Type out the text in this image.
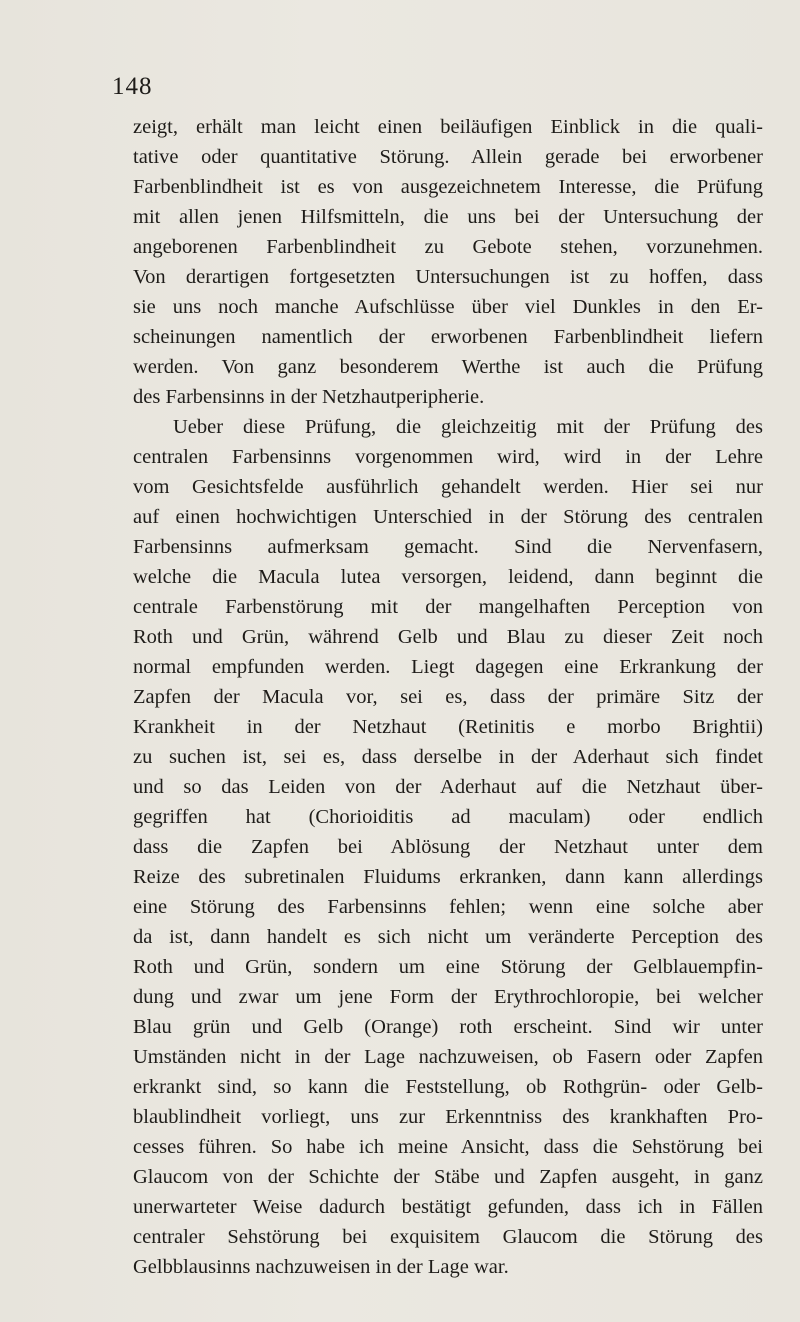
148
zeigt, erhält man leicht einen beiläufigen Einblick in die quali-
tative oder quantitative Störung. Allein gerade bei erworbener
Farbenblindheit ist es von ausgezeichnetem Interesse, die Prüfung
mit allen jenen Hilfsmitteln, die uns bei der Untersuchung der
angeborenen Farbenblindheit zu Gebote stehen, vorzunehmen.
Von derartigen fortgesetzten Untersuchungen ist zu hoffen, dass
sie uns noch manche Aufschlüsse über viel Dunkles in den Er-
scheinungen namentlich der erworbenen Farbenblindheit liefern
werden. Von ganz besonderem Werthe ist auch die Prüfung
des Farbensinns in der Netzhautperipherie.
Ueber diese Prüfung, die gleichzeitig mit der Prüfung des
centralen Farbensinns vorgenommen wird, wird in der Lehre
vom Gesichtsfelde ausführlich gehandelt werden. Hier sei nur
auf einen hochwichtigen Unterschied in der Störung des centralen
Farbensinns aufmerksam gemacht. Sind die Nervenfasern,
welche die Macula lutea versorgen, leidend, dann beginnt die
centrale Farbenstörung mit der mangelhaften Perception von
Roth und Grün, während Gelb und Blau zu dieser Zeit noch
normal empfunden werden. Liegt dagegen eine Erkrankung der
Zapfen der Macula vor, sei es, dass der primäre Sitz der
Krankheit in der Netzhaut (Retinitis e morbo Brightii)
zu suchen ist, sei es, dass derselbe in der Aderhaut sich findet
und so das Leiden von der Aderhaut auf die Netzhaut über-
gegriffen hat (Chorioiditis ad maculam) oder endlich
dass die Zapfen bei Ablösung der Netzhaut unter dem
Reize des subretinalen Fluidums erkranken, dann kann allerdings
eine Störung des Farbensinns fehlen; wenn eine solche aber
da ist, dann handelt es sich nicht um veränderte Perception des
Roth und Grün, sondern um eine Störung der Gelblauempfin-
dung und zwar um jene Form der Erythrochloropie, bei welcher
Blau grün und Gelb (Orange) roth erscheint. Sind wir unter
Umständen nicht in der Lage nachzuweisen, ob Fasern oder Zapfen
erkrankt sind, so kann die Feststellung, ob Rothgrün- oder Gelb-
blaublindheit vorliegt, uns zur Erkenntniss des krankhaften Pro-
cesses führen. So habe ich meine Ansicht, dass die Sehstörung bei
Glaucom von der Schichte der Stäbe und Zapfen ausgeht, in ganz
unerwarteter Weise dadurch bestätigt gefunden, dass ich in Fällen
centraler Sehstörung bei exquisitem Glaucom die Störung des
Gelbblausinns nachzuweisen in der Lage war.
